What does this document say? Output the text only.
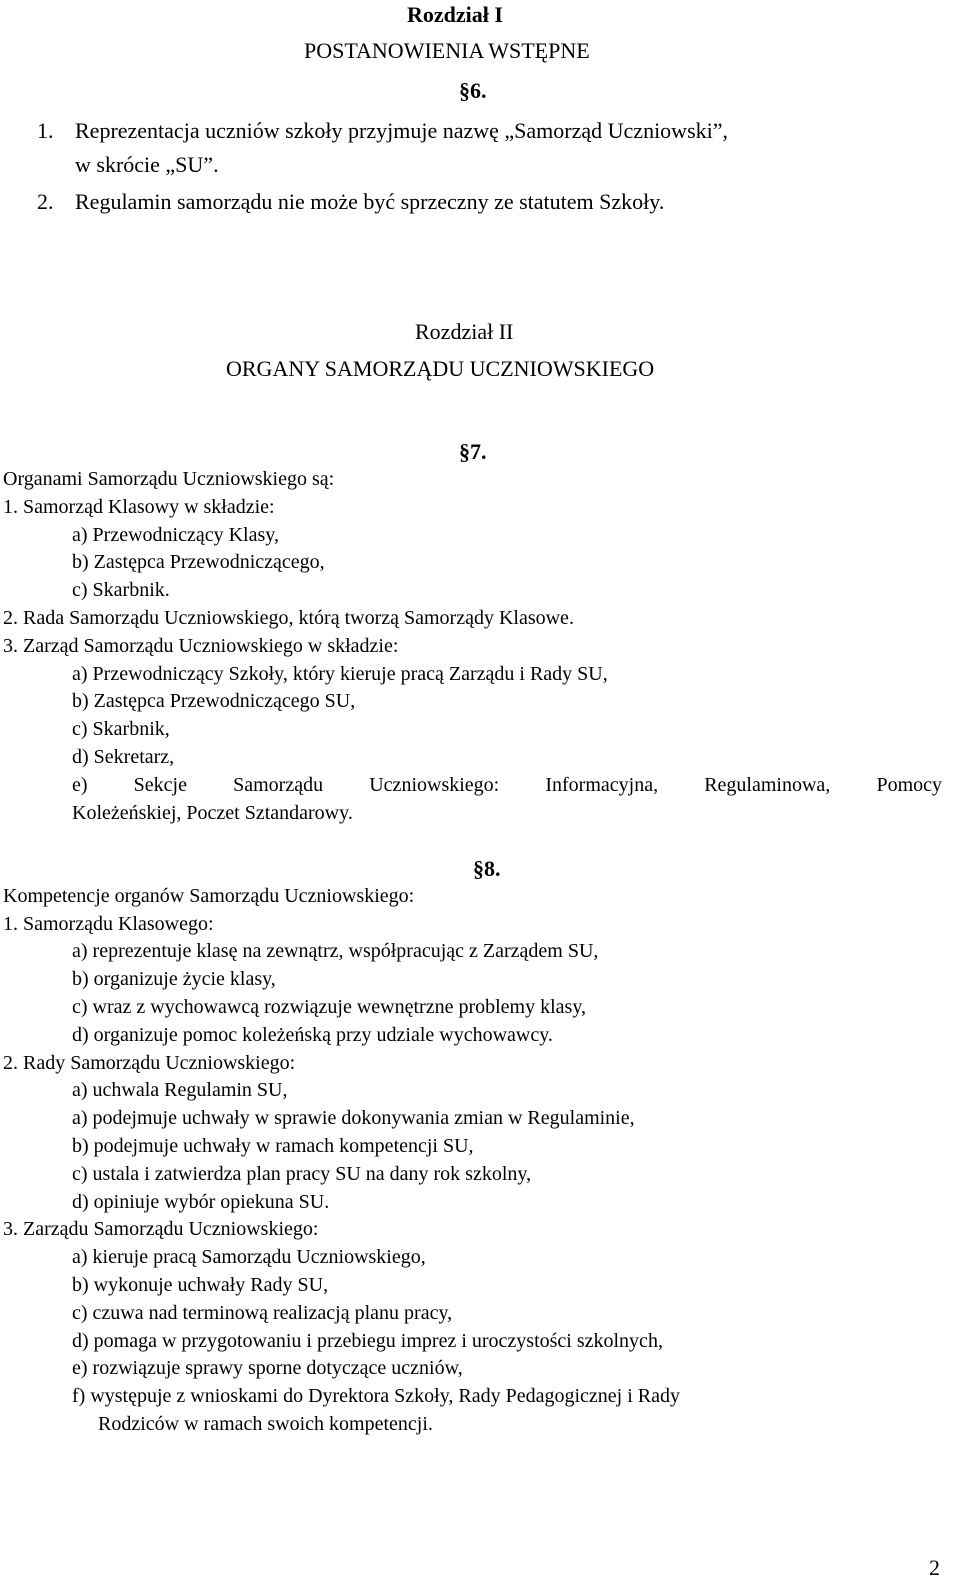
Rozdział I
POSTANOWIENIA WSTĘPNE
§6.
1. Reprezentacja uczniów szkoły przyjmuje nazwę „Samorząd Uczniowski”,
w skrócie „SU”.
2. Regulamin samorządu nie może być sprzeczny ze statutem Szkoły.
Rozdział II
ORGANY SAMORZĄDU UCZNIOWSKIEGO
§7.
Organami Samorządu Uczniowskiego są:
1. Samorząd Klasowy w składzie:
a) Przewodniczący Klasy,
b) Zastępca Przewodniczącego,
c) Skarbnik.
2. Rada Samorządu Uczniowskiego, którą tworzą Samorządy Klasowe.
3. Zarząd Samorządu Uczniowskiego w składzie:
a) Przewodniczący Szkoły, który kieruje pracą Zarządu i Rady SU,
b) Zastępca Przewodniczącego SU,
c) Skarbnik,
d) Sekretarz,
e) Sekcje Samorządu Uczniowskiego: Informacyjna, Regulaminowa, Pomocy
Koleżeńskiej, Poczet Sztandarowy.
§8.
Kompetencje organów Samorządu Uczniowskiego:
1. Samorządu Klasowego:
a) reprezentuje klasę na zewnątrz, współpracując z Zarządem SU,
b) organizuje życie klasy,
c) wraz z wychowawcą rozwiązuje wewnętrzne problemy klasy,
d) organizuje pomoc koleżeńską przy udziale wychowawcy.
2. Rady Samorządu Uczniowskiego:
a) uchwala Regulamin SU,
a) podejmuje uchwały w sprawie dokonywania zmian w Regulaminie,
b) podejmuje uchwały w ramach kompetencji SU,
c) ustala i zatwierdza plan pracy SU na dany rok szkolny,
d) opiniuje wybór opiekuna SU.
3. Zarządu Samorządu Uczniowskiego:
a) kieruje pracą Samorządu Uczniowskiego,
b) wykonuje uchwały Rady SU,
c) czuwa nad terminową realizacją planu pracy,
d) pomaga w przygotowaniu i przebiegu imprez i uroczystości szkolnych,
e) rozwiązuje sprawy sporne dotyczące uczniów,
f) występuje z wnioskami do Dyrektora Szkoły, Rady Pedagogicznej i Rady
Rodziców w ramach swoich kompetencji.
2
